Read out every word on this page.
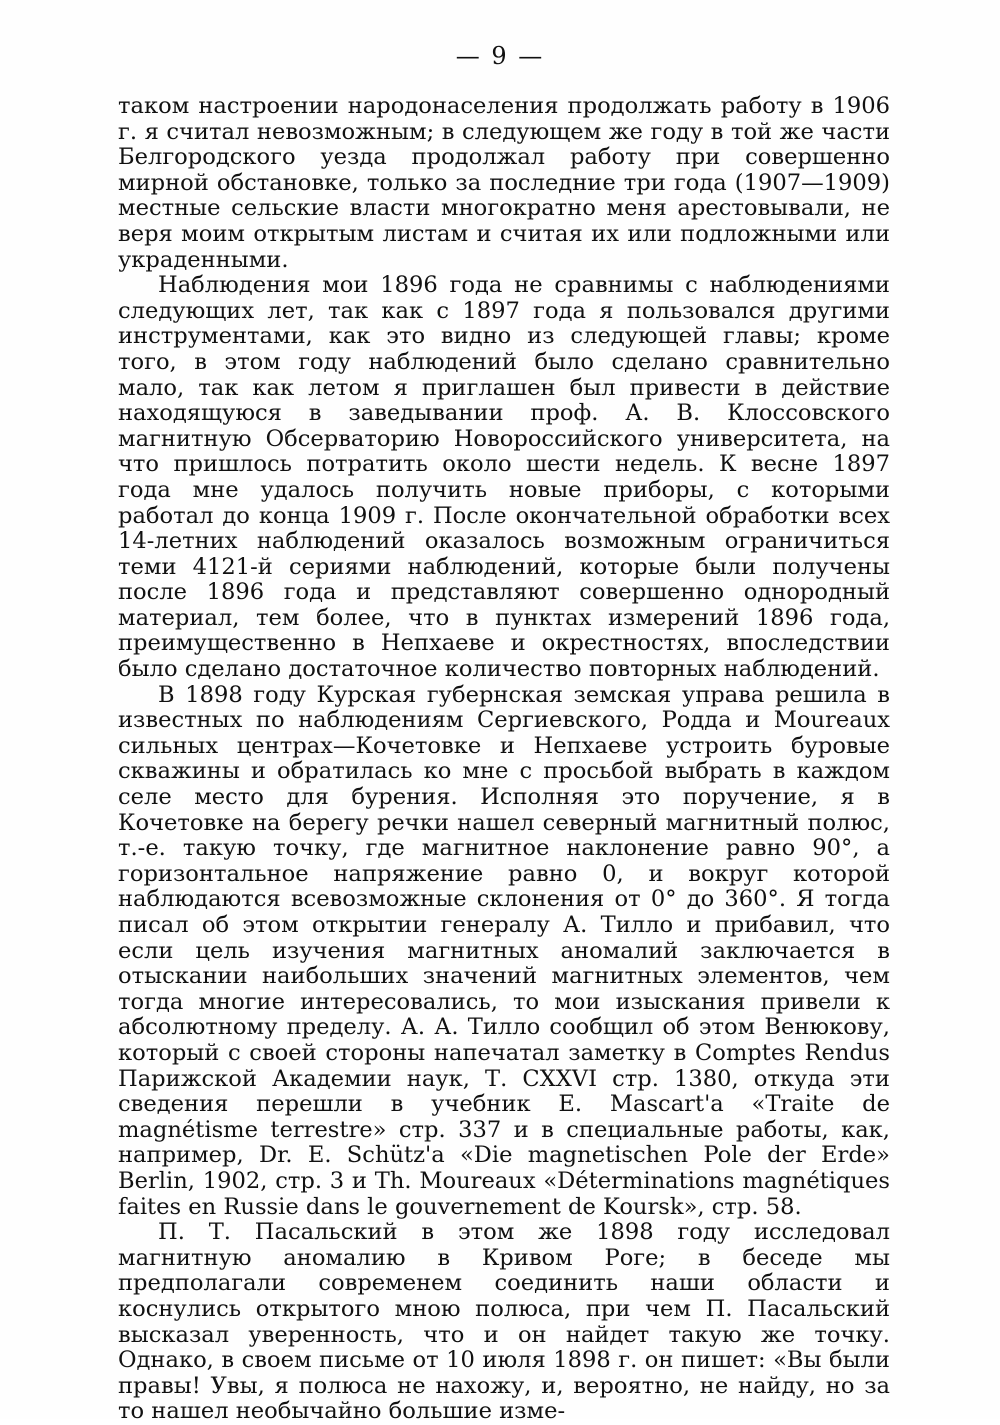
— 9 —

таком настроении народонаселения продолжать работу в 1906 г. я считал невозможным; в следующем же году в той же части Белгородского уезда продолжал работу при совершенно мирной обстановке, только за последние три года (1907—1909) местные сельские власти многократно меня арестовывали, не веря моим открытым листам и считая их или подложными или украденными.

Наблюдения мои 1896 года не сравнимы с наблюдениями следующих лет, так как с 1897 года я пользовался другими инструментами, как это видно из следующей главы; кроме того, в этом году наблюдений было сделано сравнительно мало, так как летом я приглашен был привести в действие находящуюся в заведывании проф. А. В. Клоссовского магнитную Обсерваторию Новороссийского университета, на что пришлось потратить около шести недель. К весне 1897 года мне удалось получить новые приборы, с которыми работал до конца 1909 г. После окончательной обработки всех 14-летних наблюдений оказалось возможным ограничиться теми 4121-й сериями наблюдений, которые были получены после 1896 года и представляют совершенно однородный материал, тем более, что в пунктах измерений 1896 года, преимущественно в Непхаеве и окрестностях, впоследствии было сделано достаточное количество повторных наблюдений.

В 1898 году Курская губернская земская управа решила в известных по наблюдениям Сергиевского, Родда и Moureaux сильных центрах—Кочетовке и Непхаеве устроить буровые скважины и обратилась ко мне с просьбой выбрать в каждом селе место для бурения. Исполняя это поручение, я в Кочетовке на берегу речки нашел северный магнитный полюс, т.-е. такую точку, где магнитное наклонение равно 90°, а горизонтальное напряжение равно 0, и вокруг которой наблюдаются всевозможные склонения от 0° до 360°. Я тогда писал об этом открытии генералу А. Тилло и прибавил, что если цель изучения магнитных аномалий заключается в отыскании наибольших значений магнитных элементов, чем тогда многие интересовались, то мои изыскания привели к абсолютному пределу. А. А. Тилло сообщил об этом Венюкову, который с своей стороны напечатал заметку в Comptes Rendus Парижской Академии наук, Т. CXXVI стр. 1380, откуда эти сведения перешли в учебник E. Mascart'a «Traite de magnétisme terrestre» стр. 337 и в специальные работы, как, например, Dr. E. Schütz'a «Die magnetischen Pole der Erde» Berlin, 1902, стр. 3 и Th. Moureaux «Déterminations magnétiques faites en Russie dans le gouvernement de Koursk», стр. 58.

П. Т. Пасальский в этом же 1898 году исследовал магнитную аномалию в Кривом Роге; в беседе мы предполагали современем соединить наши области и коснулись открытого мною полюса, при чем П. Пасальский высказал уверенность, что и он найдет такую же точку. Однако, в своем письме от 10 июля 1898 г. он пишет: «Вы были правы! Увы, я полюса не нахожу, и, вероятно, не найду, но за то нашел необычайно большие изме-
